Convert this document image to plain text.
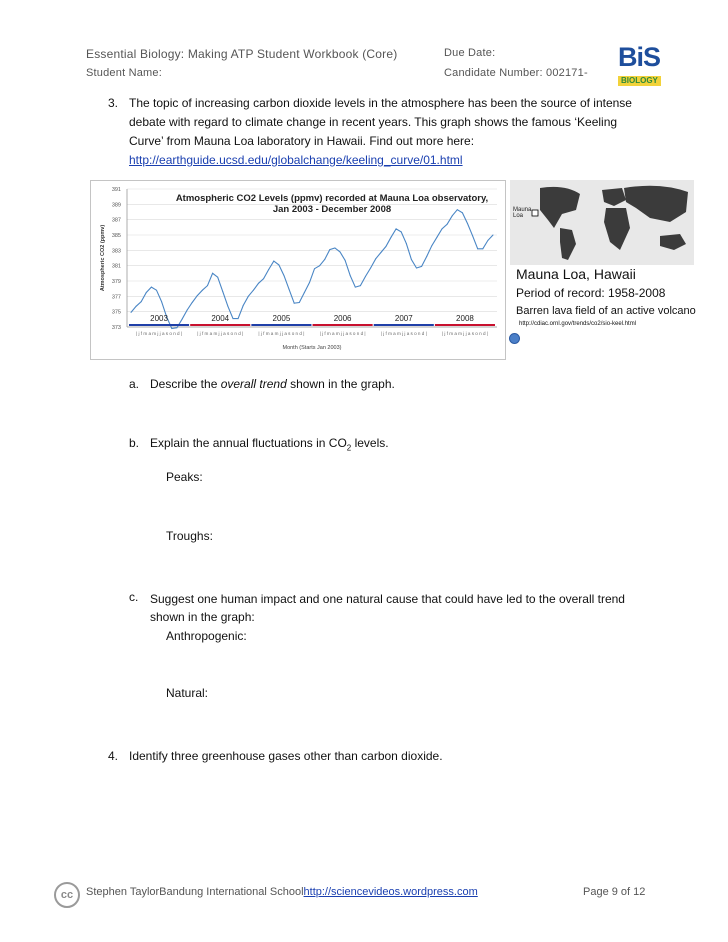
Essential Biology: Making ATP Student Workbook (Core)	Due Date:
Student Name:	Candidate Number: 002171-
BiS
BIOLOGY
3. The topic of increasing carbon dioxide levels in the atmosphere has been the source of intense
debate with regard to climate change in recent years. This graph shows the famous ‘Keeling
Curve’ from Mauna Loa laboratory in Hawaii. Find out more here:
http://earthguide.ucsd.edu/globalchange/keeling_curve/01.html
391
389
387
385
383
381
379
377
375
373
Atmospheric CO2 Levels (ppmv) recorded at Mauna Loa observatory,
Jan 2003 - December 2008
Atmospheric CO2 (ppmv)
2003
| j f m a m j j a s o n d |
2004
| j f m a m j j a s o n d |
2005
| j f m a m j j a s o n d |
2006
| j f m a m j j a s o n d |
2007
| j f m a m j j a s o n d |
2008
| j f m a m j j a s o n d |
Month (Starts Jan 2003)
Mauna Loa
Mauna Loa, Hawaii
Period of record: 1958-2008
Barren lava field of an active volcano
http://cdiac.ornl.gov/trends/co2/sio-keel.html
a. Describe the overall trend shown in the graph.
b. Explain the annual fluctuations in $CO_2$ levels.
Peaks:
Troughs:
c. Suggest one human impact and one natural cause that could have led to the overall trend
shown in the graph:
Anthropogenic:
Natural:
4. Identify three greenhouse gases other than carbon dioxide.
cc	Stephen TaylorBandung International Schoolhttp://sciencevideos.wordpress.com	Page 9 of 12
